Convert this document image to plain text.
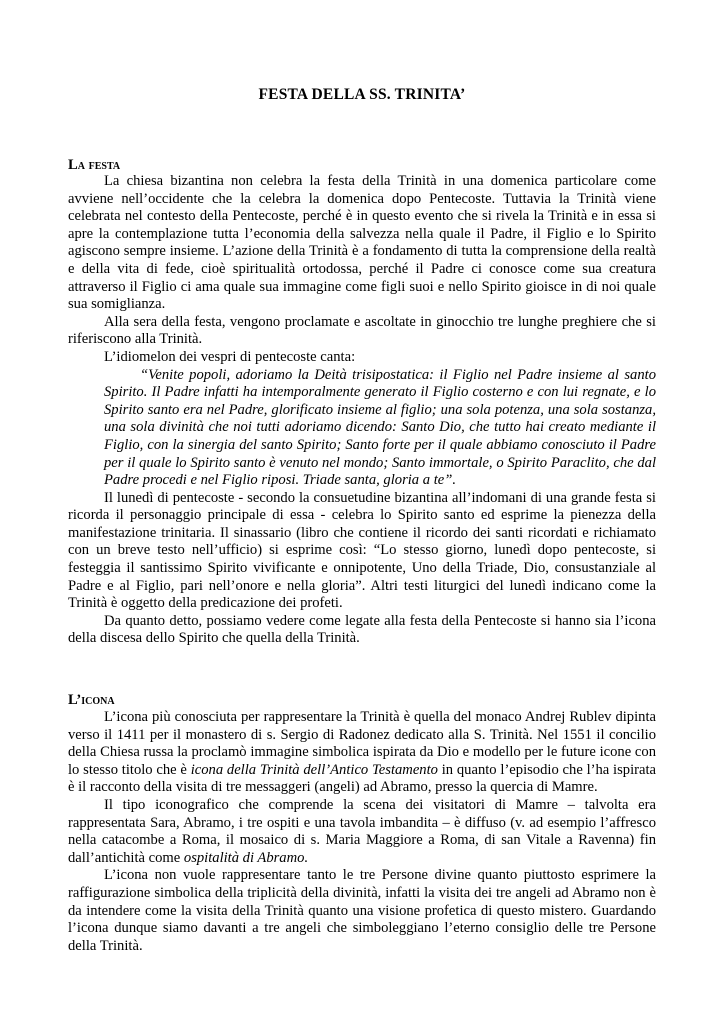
FESTA DELLA SS. TRINITA’
La festa

La chiesa bizantina non celebra la festa della Trinità in una domenica particolare come avviene nell’occidente che la celebra la domenica dopo Pentecoste. Tuttavia la Trinità viene celebrata nel contesto della Pentecoste, perché è in questo evento che si rivela la Trinità e in essa si apre la contemplazione tutta l’economia della salvezza nella quale il Padre, il Figlio e lo Spirito agiscono sempre insieme. L’azione della Trinità è a fondamento di tutta la comprensione della realtà e della vita di fede, cioè spiritualità ortodossa, perché il Padre ci conosce come sua creatura attraverso il Figlio ci ama quale sua immagine come figli suoi e nello Spirito gioisce in di noi quale sua somiglianza.

Alla sera della festa, vengono proclamate e ascoltate in ginocchio tre lunghe preghiere che si riferiscono alla Trinità.

L’idiomelon dei vespri di pentecoste canta:

“Venite popoli, adoriamo la Deità trisipostatica: il Figlio nel Padre insieme al santo Spirito. Il Padre infatti ha intemporalmente generato il Figlio costerno e con lui regnate, e lo Spirito santo era nel Padre, glorificato insieme al figlio; una sola potenza, una sola sostanza, una sola divinità che noi tutti adoriamo dicendo: Santo Dio, che tutto hai creato mediante il Figlio, con la sinergia del santo Spirito; Santo forte per il quale abbiamo conosciuto il Padre per il quale lo Spirito santo è venuto nel mondo; Santo immortale, o Spirito Paraclito, che dal Padre procedi e nel Figlio riposi. Triade santa, gloria a te”.

Il lunedì di pentecoste - secondo la consuetudine bizantina all’indomani di una grande festa si ricorda il personaggio principale di essa - celebra lo Spirito santo ed esprime la pienezza della manifestazione trinitaria. Il sinassario (libro che contiene il ricordo dei santi ricordati e richiamato con un breve testo nell’ufficio) si esprime così: “Lo stesso giorno, lunedì dopo pentecoste, si festeggia il santissimo Spirito vivificante e onnipotente, Uno della Triade, Dio, consustanziale al Padre e al Figlio, pari nell’onore e nella gloria”. Altri testi liturgici del lunedì indicano come la Trinità è oggetto della predicazione dei profeti.

Da quanto detto, possiamo vedere come legate alla festa della Pentecoste si hanno sia l’icona della discesa dello Spirito che quella della Trinità.

L’icona

L’icona più conosciuta per rappresentare la Trinità è quella del monaco Andrej Rublev dipinta verso il 1411 per il monastero di s. Sergio di Radonez dedicato alla S. Trinità. Nel 1551 il concilio della Chiesa russa la proclamò immagine simbolica ispirata da Dio e modello per le future icone con lo stesso titolo che è icona della Trinità dell’Antico Testamento in quanto l’episodio che l’ha ispirata è il racconto della visita di tre messaggeri (angeli) ad Abramo, presso la quercia di Mamre.

Il tipo iconografico che comprende la scena dei visitatori di Mamre – talvolta era rappresentata Sara, Abramo, i tre ospiti e una tavola imbandita – è diffuso (v. ad esempio l’affresco nella catacombe a Roma, il mosaico di s. Maria Maggiore a Roma, di san Vitale a Ravenna) fin dall’antichità come ospitalità di Abramo.

L’icona non vuole rappresentare tanto le tre Persone divine quanto piuttosto esprimere la raffigurazione simbolica della triplicità della divinità, infatti la visita dei tre angeli ad Abramo non è da intendere come la visita della Trinità quanto una visione profetica di questo mistero. Guardando l’icona dunque siamo davanti a tre angeli che simboleggiano l’eterno consiglio delle tre Persone della Trinità.
